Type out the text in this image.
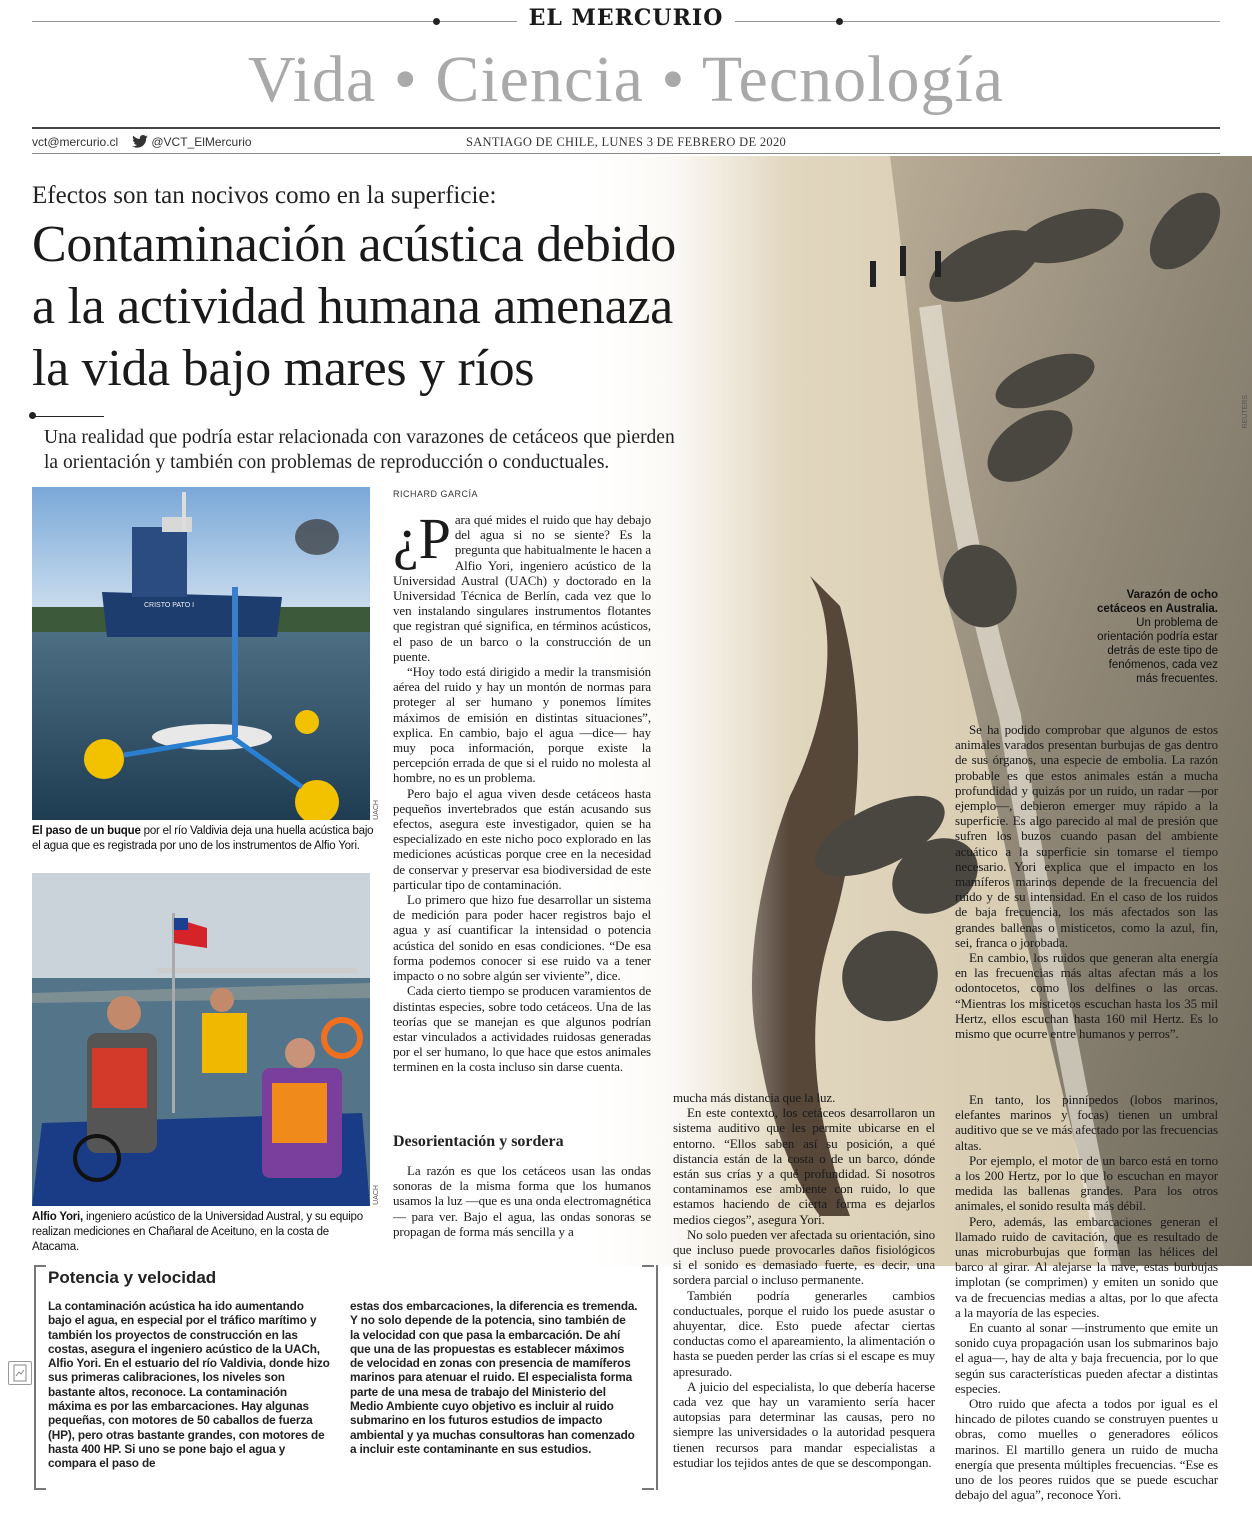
EL MERCURIO
Vida • Ciencia • Tecnología
vct@mercurio.cl	@VCT_ElMercurio	SANTIAGO DE CHILE, LUNES 3 DE FEBRERO DE 2020
REUTERS
Varazón de ocho cetáceos en Australia. Un problema de orientación podría estar detrás de este tipo de fenómenos, cada vez más frecuentes.
Efectos son tan nocivos como en la superficie:
Contaminación acústica debido
a la actividad humana amenaza
la vida bajo mares y ríos
Una realidad que podría estar relacionada con varazones de cetáceos que pierden
la orientación y también con problemas de reproducción o conductuales.
CRISTO PATO I
UACH
El paso de un buque por el río Valdivia deja una huella acústica bajo el agua que es registrada por uno de los instrumentos de Alfio Yori.
UACH
Alfio Yori, ingeniero acústico de la Universidad Austral, y su equipo realizan mediciones en Chañaral de Aceituno, en la costa de Atacama.
RICHARD GARCÍA

¿P ara qué mides el ruido que hay debajo del agua si no se siente? Es la pregunta que habitualmente le hacen a Alfio Yori, ingeniero acústico de la Universidad Austral (UACh) y doctorado en la Universidad Técnica de Berlín, cada vez que lo ven instalando singulares instrumentos flotantes que registran qué significa, en términos acústicos, el paso de un barco o la construcción de un puente.

“Hoy todo está dirigido a medir la transmisión aérea del ruido y hay un montón de normas para proteger al ser humano y ponemos límites máximos de emisión en distintas situaciones”, explica. En cambio, bajo el agua —dice— hay muy poca información, porque existe la percepción errada de que si el ruido no molesta al hombre, no es un problema.

Pero bajo el agua viven desde cetáceos hasta pequeños invertebrados que están acusando sus efectos, asegura este investigador, quien se ha especializado en este nicho poco explorado en las mediciones acústicas porque cree en la necesidad de conservar y preservar esa biodiversidad de este particular tipo de contaminación.

Lo primero que hizo fue desarrollar un sistema de medición para poder hacer registros bajo el agua y así cuantificar la intensidad o potencia acústica del sonido en esas condiciones. “De esa forma podemos conocer si ese ruido va a tener impacto o no sobre algún ser viviente”, dice.

Cada cierto tiempo se producen varamientos de distintas especies, sobre todo cetáceos. Una de las teorías que se manejan es que algunos podrían estar vinculados a actividades ruidosas generadas por el ser humano, lo que hace que estos animales terminen en la costa incluso sin darse cuenta.

Desorientación y sordera

La razón es que los cetáceos usan las ondas sonoras de la misma forma que los humanos usamos la luz —que es una onda electromagnética— para ver. Bajo el agua, las ondas sonoras se propagan de forma más sencilla y a

mucha más distancia que la luz.

En este contexto, los cetáceos desarrollaron un sistema auditivo que les permite ubicarse en el entorno. “Ellos saben así su posición, a qué distancia están de la costa o de un barco, dónde están sus crías y a qué profundidad. Si nosotros contaminamos ese ambiente con ruido, lo que estamos haciendo de cierta forma es dejarlos medios ciegos”, asegura Yori.

No solo pueden ver afectada su orientación, sino que incluso puede provocarles daños fisiológicos si el sonido es demasiado fuerte, es decir, una sordera parcial o incluso permanente.

También podría generarles cambios conductuales, porque el ruido los puede asustar o ahuyentar, dice. Esto puede afectar ciertas conductas como el apareamiento, la alimentación o hasta se pueden perder las crías si el escape es muy apresurado.

A juicio del especialista, lo que debería hacerse cada vez que hay un varamiento sería hacer autopsias para determinar las causas, pero no siempre las universidades o la autoridad pesquera tienen recursos para mandar especialistas a estudiar los tejidos antes de que se descompongan.

Se ha podido comprobar que algunos de estos animales varados presentan burbujas de gas dentro de sus órganos, una especie de embolia. La razón probable es que estos animales están a mucha profundidad y quizás por un ruido, un radar —por ejemplo—, debieron emerger muy rápido a la superficie. Es algo parecido al mal de presión que sufren los buzos cuando pasan del ambiente acuático a la superficie sin tomarse el tiempo necesario. Yori explica que el impacto en los mamíferos marinos depende de la frecuencia del ruido y de su intensidad. En el caso de los ruidos de baja frecuencia, los más afectados son las grandes ballenas o misticetos, como la azul, fin, sei, franca o jorobada.

En cambio, los ruidos que generan alta energía en las frecuencias más altas afectan más a los odontocetos, como los delfines o las orcas. “Mientras los misticetos escuchan hasta los 35 mil Hertz, ellos escuchan hasta 160 mil Hertz. Es lo mismo que ocurre entre humanos y perros”.

En tanto, los pinnípedos (lobos marinos, elefantes marinos y focas) tienen un umbral auditivo que se ve más afectado por las frecuencias altas.

Por ejemplo, el motor de un barco está en torno a los 200 Hertz, por lo que lo escuchan en mayor medida las ballenas grandes. Para los otros animales, el sonido resulta más débil.

Pero, además, las embarcaciones generan el llamado ruido de cavitación, que es resultado de unas microburbujas que forman las hélices del barco al girar. Al alejarse la nave, estas burbujas implotan (se comprimen) y emiten un sonido que va de frecuencias medias a altas, por lo que afecta a la mayoría de las especies.

En cuanto al sonar —instrumento que emite un sonido cuya propagación usan los submarinos bajo el agua—, hay de alta y baja frecuencia, por lo que según sus características pueden afectar a distintas especies.

Otro ruido que afecta a todos por igual es el hincado de pilotes cuando se construyen puentes u obras, como muelles o generadores eólicos marinos. El martillo genera un ruido de mucha energía que presenta múltiples frecuencias. “Ese es uno de los peores ruidos que se puede escuchar debajo del agua”, reconoce Yori.

Potencia y velocidad

La contaminación acústica ha ido aumentando bajo el agua, en especial por el tráfico marítimo y también los proyectos de construcción en las costas, asegura el ingeniero acústico de la UACh, Alfio Yori. En el estuario del río Valdivia, donde hizo sus primeras calibraciones, los niveles son bastante altos, reconoce. La contaminación máxima es por las embarcaciones. Hay algunas pequeñas, con motores de 50 caballos de fuerza (HP), pero otras bastante grandes, con motores de hasta 400 HP. Si uno se pone bajo el agua y compara el paso de

estas dos embarcaciones, la diferencia es tremenda. Y no solo depende de la potencia, sino también de la velocidad con que pasa la embarcación. De ahí que una de las propuestas es establecer máximos de velocidad en zonas con presencia de mamíferos marinos para atenuar el ruido. El especialista forma parte de una mesa de trabajo del Ministerio del Medio Ambiente cuyo objetivo es incluir al ruido submarino en los futuros estudios de impacto ambiental y ya muchas consultoras han comenzado a incluir este contaminante en sus estudios.
